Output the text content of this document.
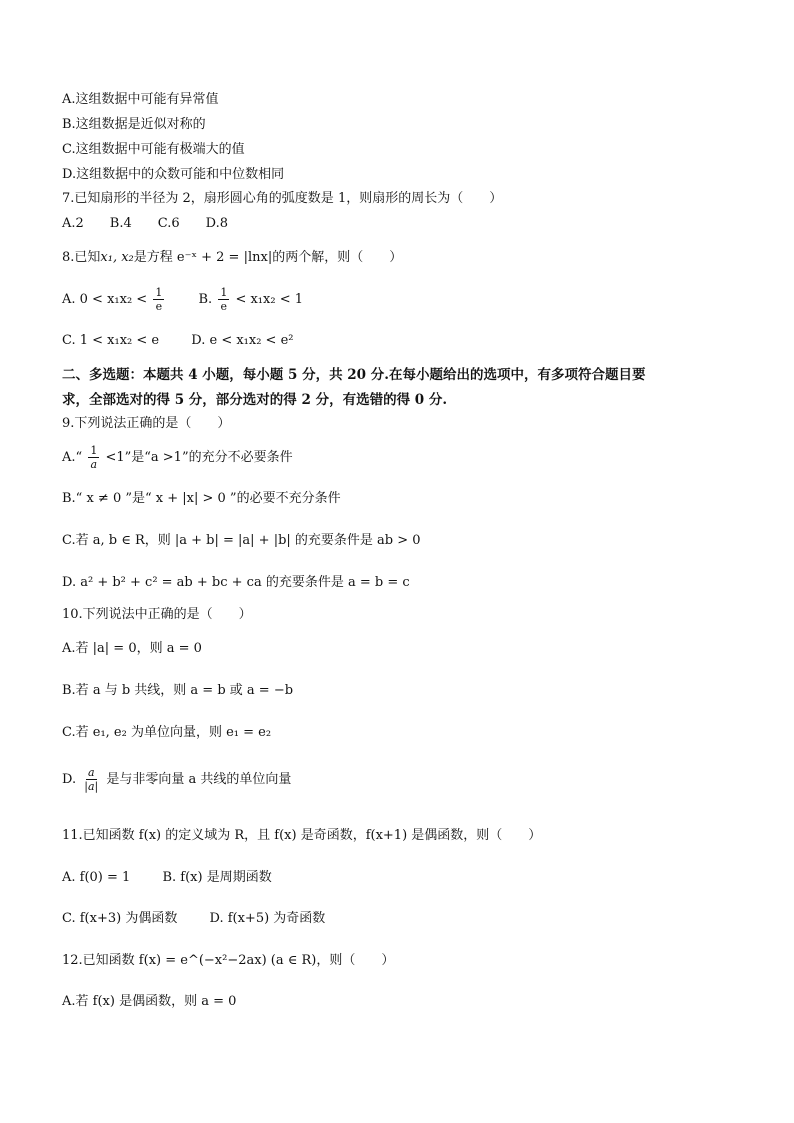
A.这组数据中可能有异常值
B.这组数据是近似对称的
C.这组数据中可能有极端大的值
D.这组数据中的众数可能和中位数相同
7.已知扇形的半径为 2，扇形圆心角的弧度数是 1，则扇形的周长为（　　）
A.2　　B.4　　C.6　　D.8
8.已知x₁, x₂是方程 e⁻ˣ + 2 = |lnx|的两个解，则（　　）
A. $0 < x_1x_2 < \frac{1}{e}$	B. $\frac{1}{e} < x_1x_2 < 1$
C. 1 < x₁x₂ < e D. e < x₁x₂ < e²
二、多选题：本题共 4 小题，每小题 5 分，共 20 分.在每小题给出的选项中，有多项符合题目要
求，全部选对的得 5 分，部分选对的得 2 分，有选错的得 0 分.
9.下列说法正确的是（　　）
A.“ $\frac{1}{a} <1$”是“a >1”的充分不必要条件
B.“ x ≠ 0 ”是“ x + |x| > 0 ”的必要不充分条件
C.若 a, b ∈ R，则 |a + b| = |a| + |b| 的充要条件是 ab > 0
D. a² + b² + c² = ab + bc + ca 的充要条件是 a = b = c
10.下列说法中正确的是（　　）
A.若 |a| = 0，则 a = 0
B.若 a 与 b 共线，则 a = b 或 a = −b
C.若 e₁, e₂ 为单位向量，则 e₁ = e₂
D. $\frac{a}{|a|}$ 是与非零向量 a 共线的单位向量
11.已知函数 f(x) 的定义域为 R，且 f(x) 是奇函数，f(x+1) 是偶函数，则（　　）
A. f(0) = 1 B. f(x) 是周期函数
C. f(x+3) 为偶函数 D. f(x+5) 为奇函数
12.已知函数 f(x) = e^(−x²−2ax) (a ∈ R)，则（　　）
A.若 f(x) 是偶函数，则 a = 0
